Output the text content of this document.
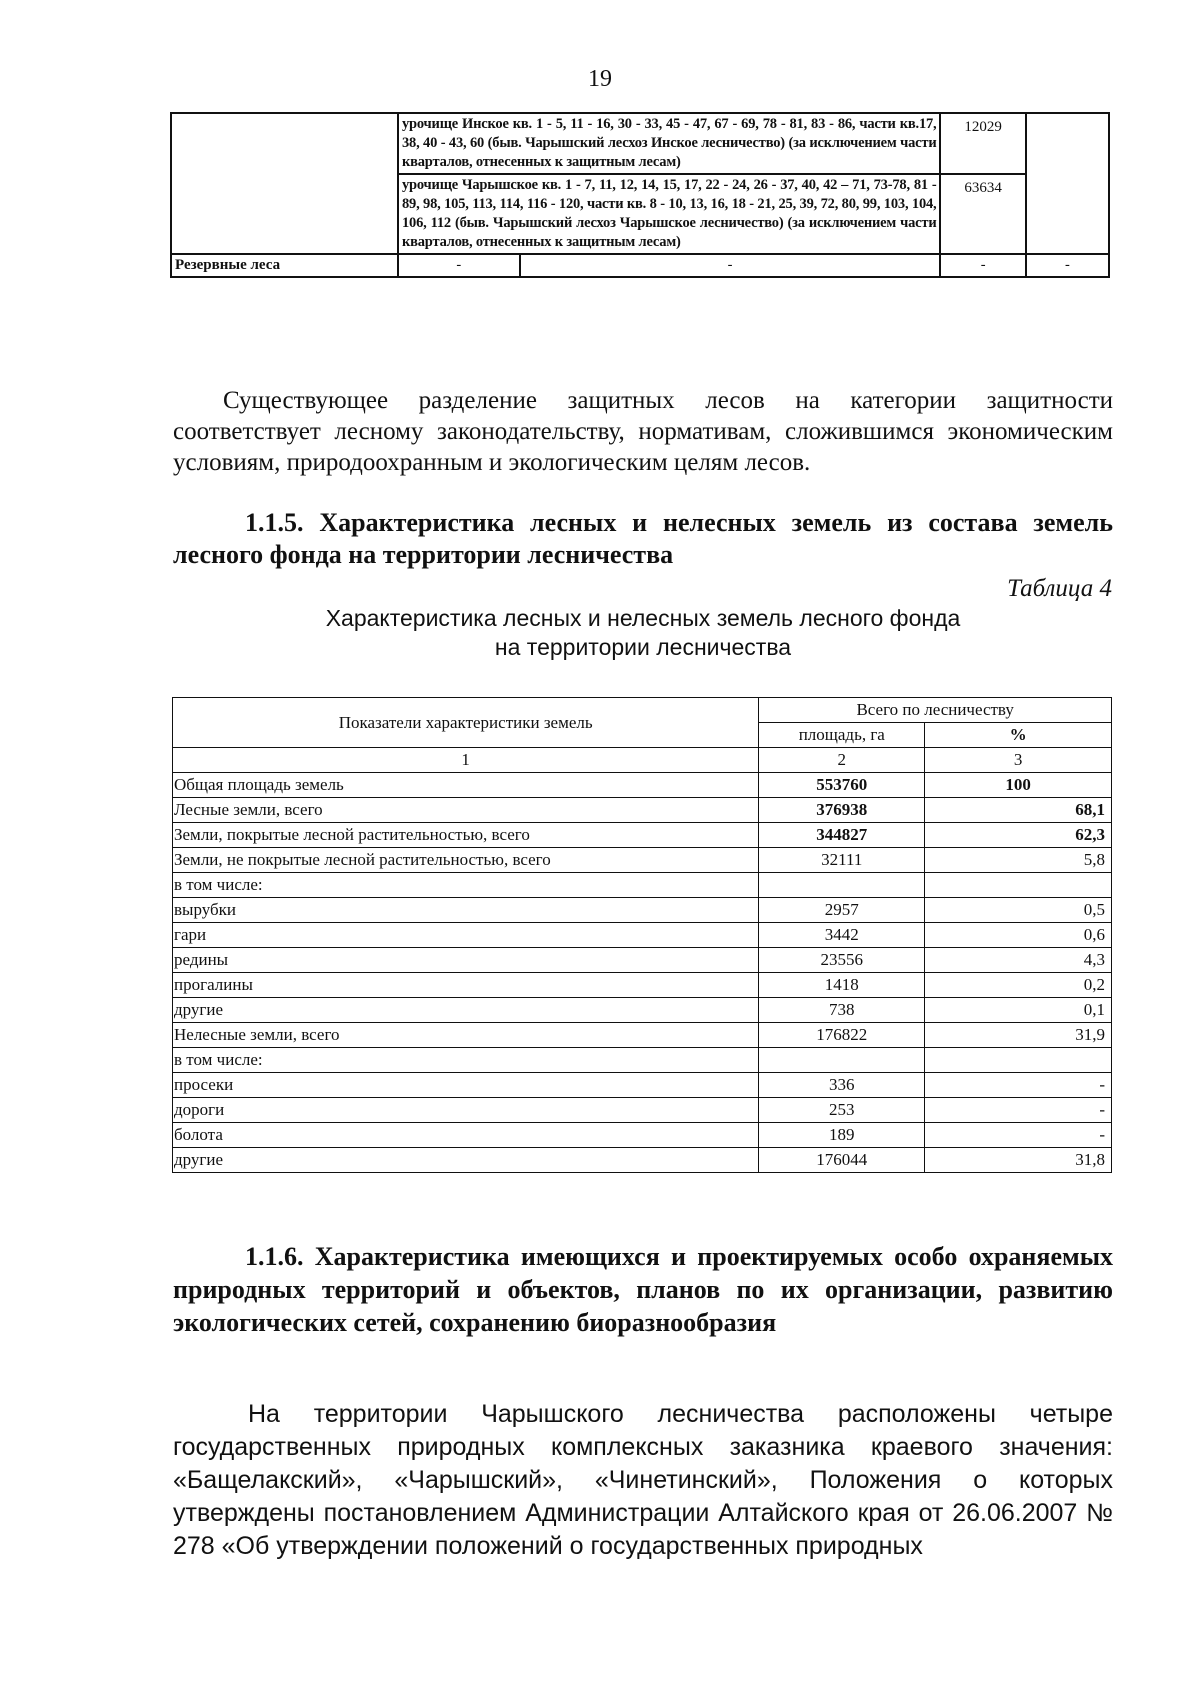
19
	урочище Инское кв. 1 - 5, 11 - 16, 30 - 33, 45 - 47, 67 - 69, 78 - 81, 83 - 86, части кв.17, 38, 40 - 43, 60 (быв. Чарышский лесхоз Инское лесничество) (за исключением части кварталов, отнесенных к защитным лесам)		12029	
	урочище Чарышское кв. 1 - 7, 11, 12, 14, 15, 17, 22 - 24, 26 - 37, 40, 42 – 71, 73-78, 81 - 89, 98, 105, 113, 114, 116 - 120, части кв. 8 - 10, 13, 16, 18 - 21, 25, 39, 72, 80, 99, 103, 104, 106, 112 (быв. Чарышский лесхоз Чарышское лесничество) (за исключением части кварталов, отнесенных к защитным лесам)		63634	
Резервные леса	-	-	-	-

Существующее разделение защитных лесов на категории защитности соответствует лесному законодательству, нормативам, сложившимся экономическим условиям, природоохранным и экологическим целям лесов.

1.1.5. Характеристика лесных и нелесных земель из состава земель лесного фонда на территории лесничества

Таблица 4
Характеристика лесных и нелесных земель лесного фонда
на территории лесничества
Показатели характеристики земель	Всего по лесничеству	
	площадь, га	%
1	2	3
Общая площадь земель	553760	100
Лесные земли, всего	376938	68,1
Земли, покрытые лесной растительностью, всего	344827	62,3
Земли, не покрытые лесной растительностью, всего	32111	5,8
в том числе:		
вырубки	2957	0,5
гари	3442	0,6
редины	23556	4,3
прогалины	1418	0,2
другие	738	0,1
Нелесные земли, всего	176822	31,9
в том числе:		
просеки	336	-
дороги	253	-
болота	189	-
другие	176044	31,8

1.1.6. Характеристика имеющихся и проектируемых особо охраняемых природных территорий и объектов, планов по их организации, развитию экологических сетей, сохранению биоразнообразия

На территории Чарышского лесничества расположены четыре государственных природных комплексных заказника краевого значения: «Бащелакский», «Чарышский», «Чинетинский», Положения о которых утверждены постановлением Администрации Алтайского края от 26.06.2007 № 278 «Об утверждении положений о государственных природных
